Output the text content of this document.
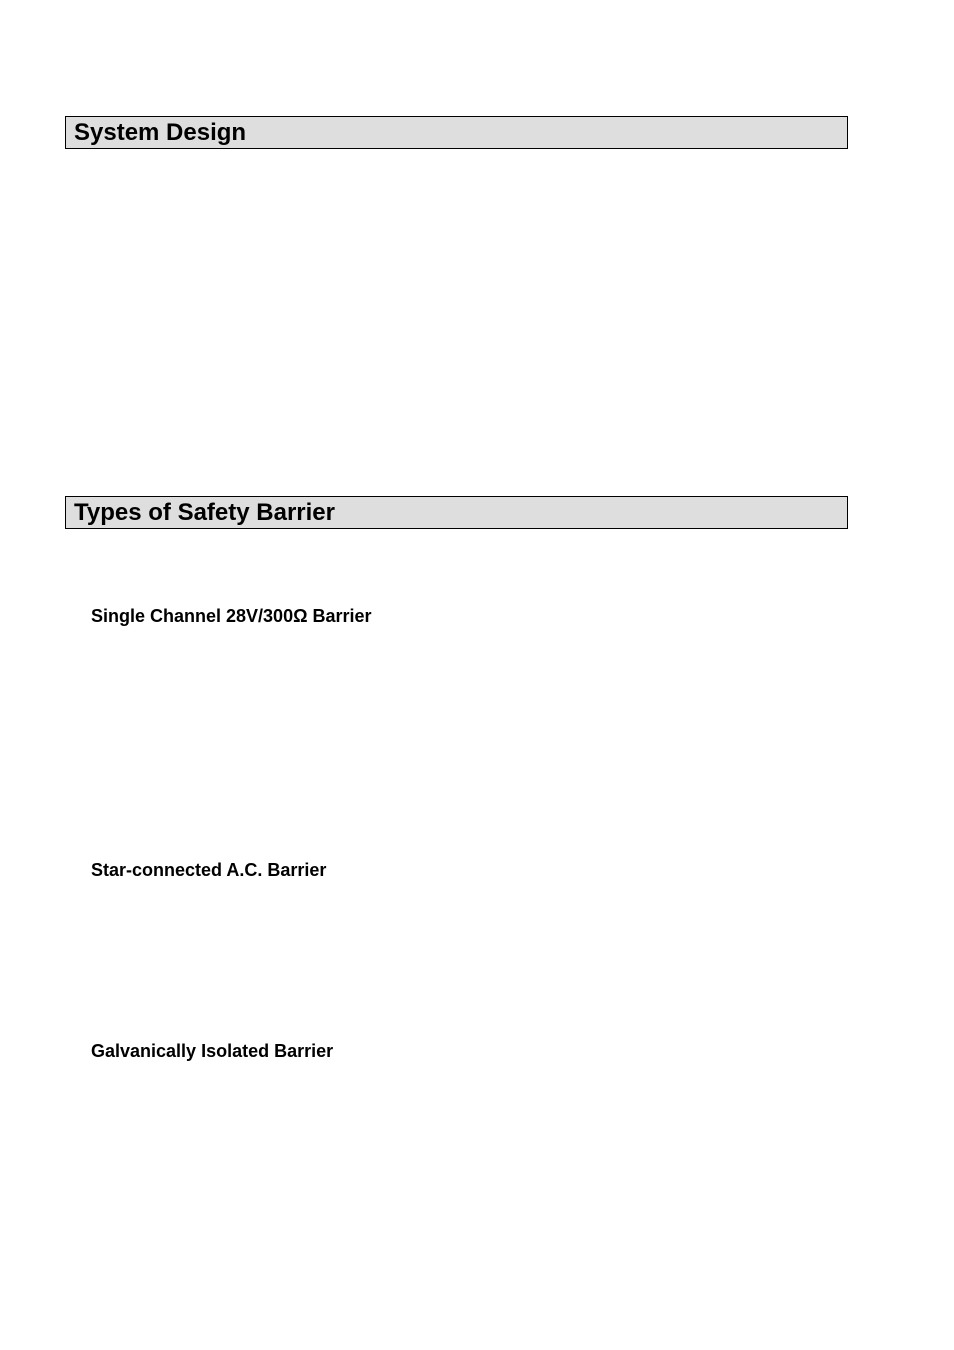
System Design
Types of Safety Barrier
Single Channel 28V/300Ω Barrier
Star-connected A.C. Barrier
Galvanically Isolated Barrier
